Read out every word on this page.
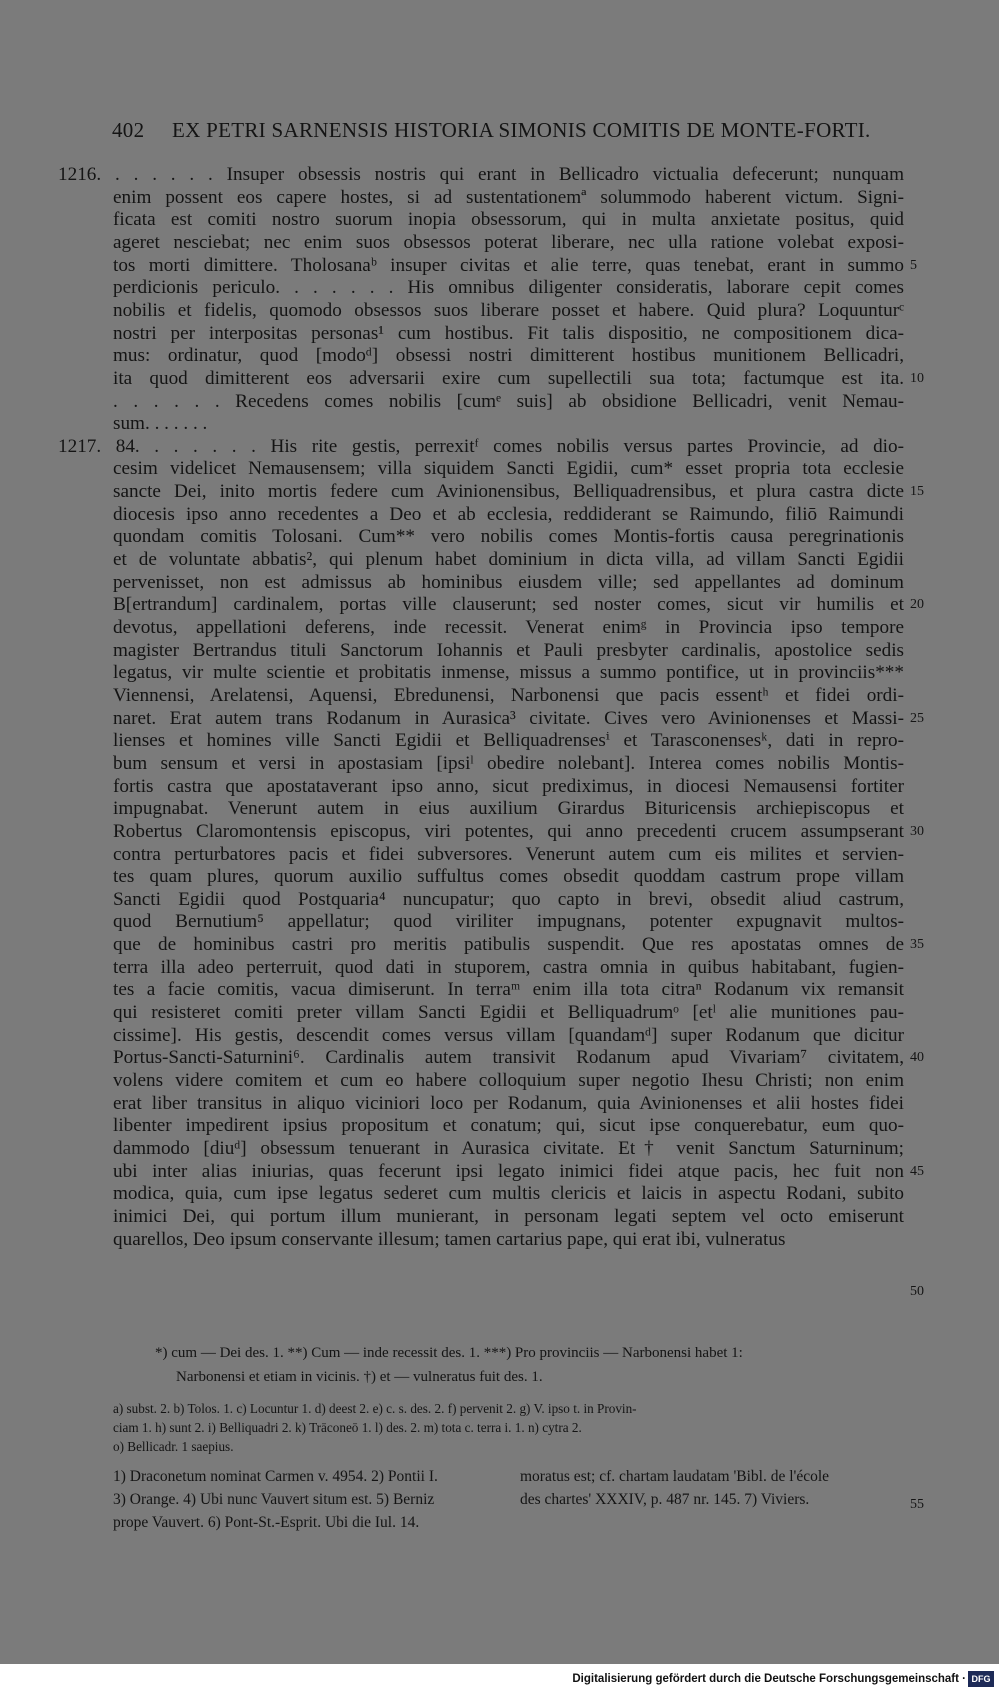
402 EX PETRI SARNENSIS HISTORIA SIMONIS COMITIS DE MONTE-FORTI.
1216. . . . . . . Insuper obsessis nostris qui erant in Bellicadro victualia defecerunt; nunquam
enim possent eos capere hostes, si ad sustentationemª solummodo haberent victum. Signi-
ficata est comiti nostro suorum inopia obsessorum, qui in multa anxietate positus, quid
ageret nesciebat; nec enim suos obsessos poterat liberare, nec ulla ratione volebat exposi-
tos morti dimittere. Tholosanaᵇ insuper civitas et alie terre, quas tenebat, erant in summo
perdicionis periculo. . . . . . . His omnibus diligenter consideratis, laborare cepit comes
nobilis et fidelis, quomodo obsessos suos liberare posset et habere. Quid plura? Loquunturᶜ
nostri per interpositas personas¹ cum hostibus. Fit talis dispositio, ne compositionem dica-
mus: ordinatur, quod [modoᵈ] obsessi nostri dimitterent hostibus munitionem Bellicadri,
ita quod dimitterent eos adversarii exire cum supellectili sua tota; factumque est ita.
. . . . . . Recedens comes nobilis [cumᵉ suis] ab obsidione Bellicadri, venit Nemau-
sum. . . . . . .
1217. 84. . . . . . . His rite gestis, perrexitᶠ comes nobilis versus partes Provincie, ad dio-
cesim videlicet Nemausensem; villa siquidem Sancti Egidii, cum* esset propria tota ecclesie
sancte Dei, inito mortis federe cum Avinionensibus, Belliquadrensibus, et plura castra dicte
diocesis ipso anno recedentes a Deo et ab ecclesia, reddiderant se Raimundo, filiō Raimundi
quondam comitis Tolosani. Cum** vero nobilis comes Montis-fortis causa peregrinationis
et de voluntate abbatis², qui plenum habet dominium in dicta villa, ad villam Sancti Egidii
pervenisset, non est admissus ab hominibus eiusdem ville; sed appellantes ad dominum
B[ertrandum] cardinalem, portas ville clauserunt; sed noster comes, sicut vir humilis et
devotus, appellationi deferens, inde recessit. Venerat enimᵍ in Provincia ipso tempore
magister Bertrandus tituli Sanctorum Iohannis et Pauli presbyter cardinalis, apostolice sedis
legatus, vir multe scientie et probitatis inmense, missus a summo pontifice, ut in provinciis***
Viennensi, Arelatensi, Aquensi, Ebredunensi, Narbonensi que pacis essentʰ et fidei ordi-
naret. Erat autem trans Rodanum in Aurasica³ civitate. Cives vero Avinionenses et Massi-
lienses et homines ville Sancti Egidii et Belliquadrensesⁱ et Tarasconensesᵏ, dati in repro-
bum sensum et versi in apostasiam [ipsiˡ obedire nolebant]. Interea comes nobilis Montis-
fortis castra que apostataverant ipso anno, sicut prediximus, in diocesi Nemausensi fortiter
impugnabat. Venerunt autem in eius auxilium Girardus Bituricensis archiepiscopus et
Robertus Claromontensis episcopus, viri potentes, qui anno precedenti crucem assumpserant
contra perturbatores pacis et fidei subversores. Venerunt autem cum eis milites et servien-
tes quam plures, quorum auxilio suffultus comes obsedit quoddam castrum prope villam
Sancti Egidii quod Postquaria⁴ nuncupatur; quo capto in brevi, obsedit aliud castrum,
quod Bernutium⁵ appellatur; quod viriliter impugnans, potenter expugnavit multos-
que de hominibus castri pro meritis patibulis suspendit. Que res apostatas omnes de
terra illa adeo perterruit, quod dati in stuporem, castra omnia in quibus habitabant, fugien-
tes a facie comitis, vacua dimiserunt. In terraᵐ enim illa tota citraⁿ Rodanum vix remansit
qui resisteret comiti preter villam Sancti Egidii et Belliquadrumᵒ [etˡ alie munitiones pau-
cissime]. His gestis, descendit comes versus villam [quandamᵈ] super Rodanum que dicitur
Portus-Sancti-Saturnini⁶. Cardinalis autem transivit Rodanum apud Vivariam⁷ civitatem,
volens videre comitem et cum eo habere colloquium super negotio Ihesu Christi; non enim
erat liber transitus in aliquo viciniori loco per Rodanum, quia Avinionenses et alii hostes fidei
libenter impedirent ipsius propositum et conatum; qui, sicut ipse conquerebatur, eum quo-
dammodo [diuᵈ] obsessum tenuerant in Aurasica civitate. Et† venit Sanctum Saturninum;
ubi inter alias iniurias, quas fecerunt ipsi legato inimici fidei atque pacis, hec fuit non
modica, quia, cum ipse legatus sederet cum multis clericis et laicis in aspectu Rodani, subito
inimici Dei, qui portum illum munierant, in personam legati septem vel octo emiserunt
quarellos, Deo ipsum conservante illesum; tamen cartarius pape, qui erat ibi, vulneratus
5
10
15
20
25
30
35
40
45
50
55
*) cum — Dei des. 1. **) Cum — inde recessit des. 1. ***) Pro provinciis — Narbonensi habet 1:
Narbonensi et etiam in vicinis. †) et — vulneratus fuit des. 1.
a) subst. 2. b) Tolos. 1. c) Locuntur 1. d) deest 2. e) c. s. des. 2. f) pervenit 2. g) V. ipso t. in Provin-
ciam 1. h) sunt 2. i) Belliquadri 2. k) Trāconeō 1. l) des. 2. m) tota c. terra i. 1. n) cytra 2.
o) Bellicadr. 1 saepius.
1) Draconetum nominat Carmen v. 4954. 2) Pontii I.
3) Orange. 4) Ubi nunc Vauvert situm est. 5) Berniz
prope Vauvert. 6) Pont-St.-Esprit. Ubi die Iul. 14.
moratus est; cf. chartam laudatam 'Bibl. de l'école
des chartes' XXXIV, p. 487 nr. 145. 7) Viviers.
Digitalisierung gefördert durch die Deutsche Forschungsgemeinschaft · DFG
